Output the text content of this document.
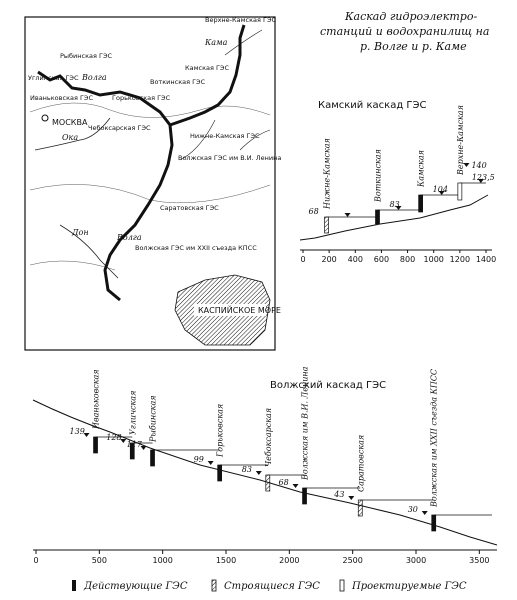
Каскад гидроэлектро-
станций и водохранилищ на
р. Волге и р. Каме
КАСПИЙСКОЕ МОРЕ
МОСКВА
Верхне-Камская ГЭС
Камская ГЭС
Воткинская ГЭС
Нижне-Камская ГЭС
Рыбинская ГЭС
Углинская ГЭС
Иваньковская ГЭС	Горьковская ГЭС
Чебоксарская ГЭС
Волжская ГЭС им В.И. Ленина
Саратовская ГЭС
Волжская ГЭС им XXII съезда КПСС
Кама
Волга
Ока
Дон
Волга
Камский каскад ГЭС
0 200 400 600 800 1000 1200 1400
68
Нижне-Камская	83
Воткинская	104
Камская	123,5
Верхне-Камская 140
Волжский каскад ГЭС
0	500	1000	1500	2000	2500	3000	3500
139
Иваньковская
128
Угличская
117
Рыбинская
99
Горьковская
83
Чебоксарская
68
Волжская им В.И. Ленина
43
Саратовская
30
Волжская им XXII съезда КПСС
Действующие ГЭС	Строящиеся ГЭС	Проектируемые ГЭС
